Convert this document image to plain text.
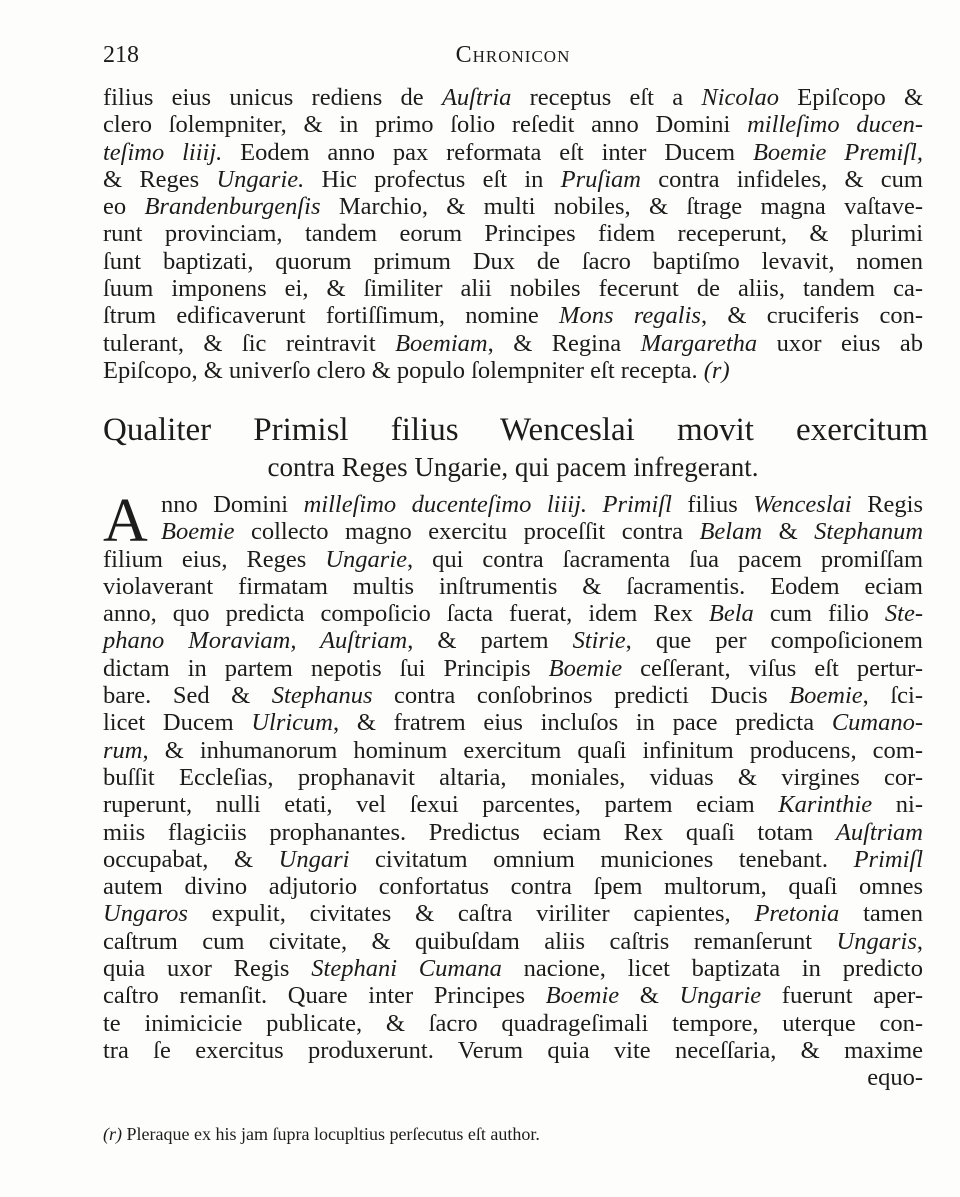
218	Chronicon
filius eius unicus rediens de Auſtria receptus eſt a Nicolao Epiſcopo &
clero ſolempniter, & in primo ſolio reſedit anno Domini milleſimo ducen-
teſimo liiij. Eodem anno pax reformata eſt inter Ducem Boemie Premiſl,
& Reges Ungarie. Hic profectus eſt in Pruſiam contra infideles, & cum
eo Brandenburgenſis Marchio, & multi nobiles, & ſtrage magna vaſtave-
runt provinciam, tandem eorum Principes fidem receperunt, & plurimi
ſunt baptizati, quorum primum Dux de ſacro baptiſmo levavit, nomen
ſuum imponens ei, & ſimiliter alii nobiles fecerunt de aliis, tandem ca-
ſtrum edificaverunt fortiſſimum, nomine Mons regalis, & cruciferis con-
tulerant, & ſic reintravit Boemiam, & Regina Margaretha uxor eius ab
Epiſcopo, & univerſo clero & populo ſolempniter eſt recepta. (r)
Qualiter Primisl filius Wenceslai movit exercitum
contra Reges Ungarie, qui pacem infregerant.
A nno Domini milleſimo ducenteſimo liiij. Primiſl filius Wenceslai Regis
Boemie collecto magno exercitu proceſſit contra Belam & Stephanum
filium eius, Reges Ungarie, qui contra ſacramenta ſua pacem promiſſam
violaverant firmatam multis inſtrumentis & ſacramentis. Eodem eciam
anno, quo predicta compoſicio ſacta fuerat, idem Rex Bela cum filio Ste-
phano Moraviam, Auſtriam, & partem Stirie, que per compoſicionem
dictam in partem nepotis ſui Principis Boemie ceſſerant, viſus eſt pertur-
bare. Sed & Stephanus contra conſobrinos predicti Ducis Boemie, ſci-
licet Ducem Ulricum, & fratrem eius incluſos in pace predicta Cumano-
rum, & inhumanorum hominum exercitum quaſi infinitum producens, com-
buſſit Eccleſias, prophanavit altaria, moniales, viduas & virgines cor-
ruperunt, nulli etati, vel ſexui parcentes, partem eciam Karinthie ni-
miis flagiciis prophanantes. Predictus eciam Rex quaſi totam Auſtriam
occupabat, & Ungari civitatum omnium municiones tenebant. Primiſl
autem divino adjutorio confortatus contra ſpem multorum, quaſi omnes
Ungaros expulit, civitates & caſtra viriliter capientes, Pretonia tamen
caſtrum cum civitate, & quibuſdam aliis caſtris remanſerunt Ungaris,
quia uxor Regis Stephani Cumana nacione, licet baptizata in predicto
caſtro remanſit. Quare inter Principes Boemie & Ungarie fuerunt aper-
te inimicicie publicate, & ſacro quadrageſimali tempore, uterque con-
tra ſe exercitus produxerunt. Verum quia vite neceſſaria, & maxime
equo-
(r) Pleraque ex his jam ſupra locupltius perſecutus eſt author.
